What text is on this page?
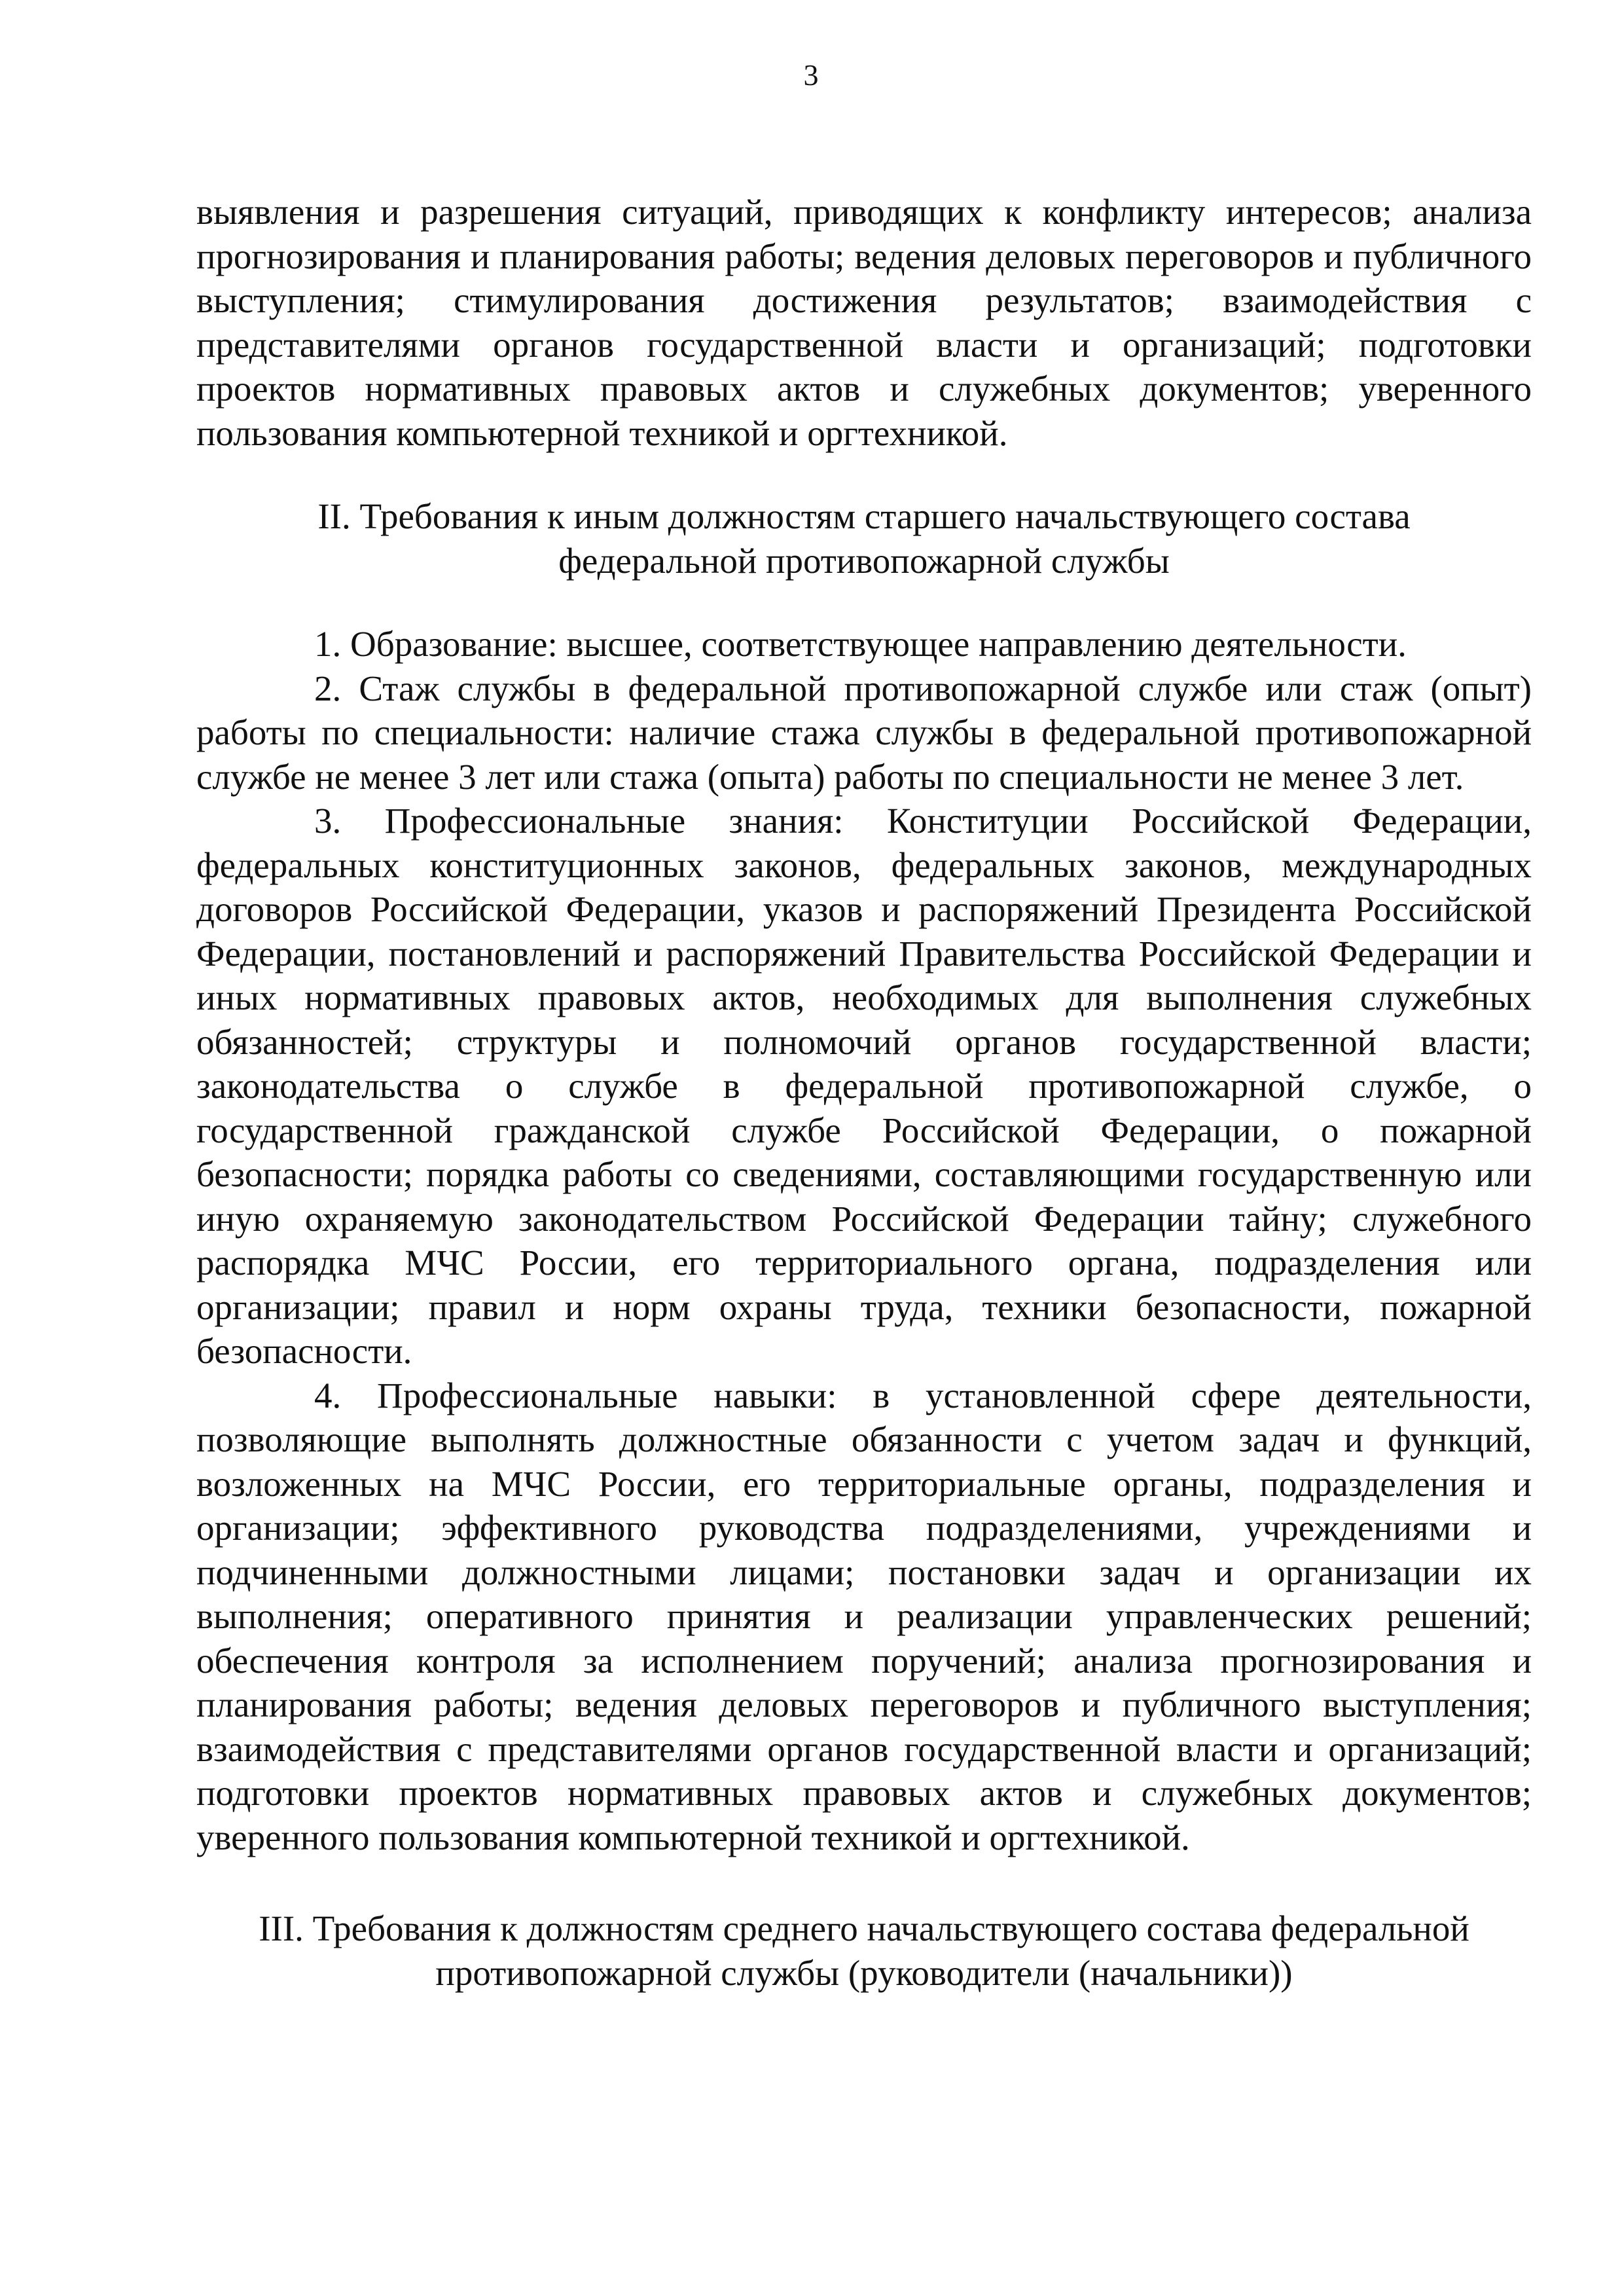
3

выявления и разрешения ситуаций, приводящих к конфликту интересов; анализа прогнозирования и планирования работы; ведения деловых переговоров и публичного выступления; стимулирования достижения результатов; взаимодействия с представителями органов государственной власти и организаций; подготовки проектов нормативных правовых актов и служебных документов; уверенного пользования компьютерной техникой и оргтехникой.

II. Требования к иным должностям старшего начальствующего состава федеральной противопожарной службы

1. Образование: высшее, соответствующее направлению деятельности.

2. Стаж службы в федеральной противопожарной службе или стаж (опыт) работы по специальности: наличие стажа службы в федеральной противопожарной службе не менее 3 лет или стажа (опыта) работы по специальности не менее 3 лет.

3. Профессиональные знания: Конституции Российской Федерации, федеральных конституционных законов, федеральных законов, международных договоров Российской Федерации, указов и распоряжений Президента Российской Федерации, постановлений и распоряжений Правительства Российской Федерации и иных нормативных правовых актов, необходимых для выполнения служебных обязанностей; структуры и полномочий органов государственной власти; законодательства о службе в федеральной противопожарной службе, о государственной гражданской службе Российской Федерации, о пожарной безопасности; порядка работы со сведениями, составляющими государственную или иную охраняемую законодательством Российской Федерации тайну; служебного распорядка МЧС России, его территориального органа, подразделения или организации; правил и норм охраны труда, техники безопасности, пожарной безопасности.

4. Профессиональные навыки: в установленной сфере деятельности, позволяющие выполнять должностные обязанности с учетом задач и функций, возложенных на МЧС России, его территориальные органы, подразделения и организации; эффективного руководства подразделениями, учреждениями и подчиненными должностными лицами; постановки задач и организации их выполнения; оперативного принятия и реализации управленческих решений; обеспечения контроля за исполнением поручений; анализа прогнозирования и планирования работы; ведения деловых переговоров и публичного выступления; взаимодействия с представителями органов государственной власти и организаций; подготовки проектов нормативных правовых актов и служебных документов; уверенного пользования компьютерной техникой и оргтехникой.

III. Требования к должностям среднего начальствующего состава федеральной противопожарной службы (руководители (начальники))
